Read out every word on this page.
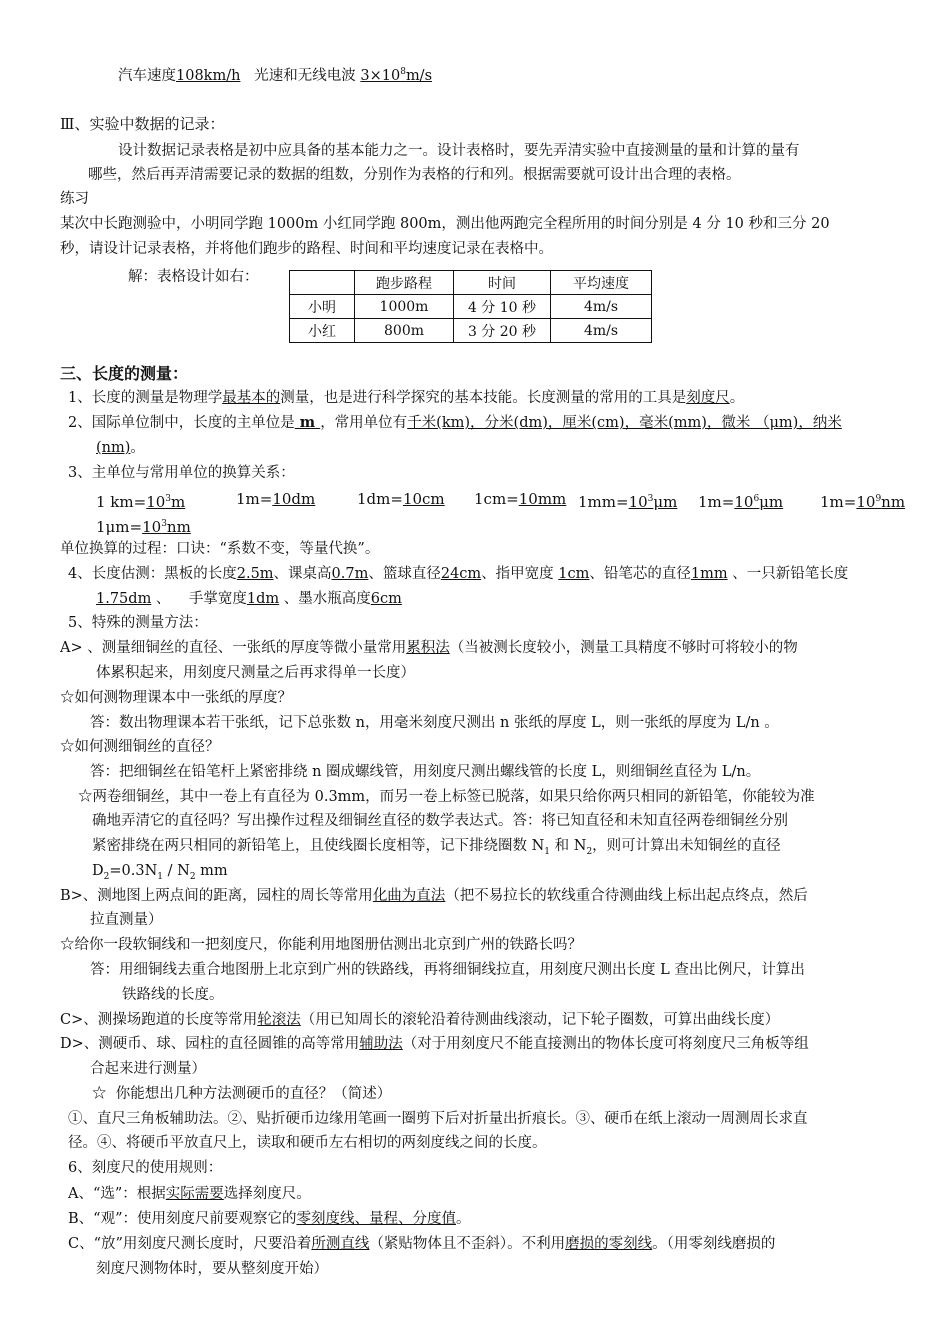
汽车速度108km/h 光速和无线电波 $3\times 10^8m/s$
Ⅲ、实验中数据的记录：
设计数据记录表格是初中应具备的基本能力之一。设计表格时，要先弄清实验中直接测量的量和计算的量有
哪些，然后再弄清需要记录的数据的组数，分别作为表格的行和列。根据需要就可设计出合理的表格。
练习
某次中长跑测验中，小明同学跑 1000m 小红同学跑 800m，测出他两跑完全程所用的时间分别是 4 分 10 秒和三分 20
秒，请设计记录表格，并将他们跑步的路程、时间和平均速度记录在表格中。
解：表格设计如右：
		跑步路程	时间	平均速度
小明	1000m	4 分 10 秒	4m/s
小红	800m	3 分 20 秒	4m/s
三、长度的测量：
1、长度的测量是物理学最基本的测量，也是进行科学探究的基本技能。长度测量的常用的工具是刻度尺。
2、国际单位制中，长度的主单位是 m ，常用单位有千米(km)，分米(dm)，厘米(cm)，毫米(mm)，微米 （μm)，纳米
(nm)。
3、主单位与常用单位的换算关系：
1 $km=10^3m$	1m=10dm	1dm=10cm 1cm=10mm $1mm=10^3\mu m$ $1m=10^6\mu m$ $1m=10^9nm$
$1\mu m=10^3nm$
单位换算的过程：口诀：“系数不变，等量代换”。
4、长度估测：黑板的长度2.5m、课桌高0.7m、篮球直径24cm、指甲宽度 1cm、铅笔芯的直径1mm 、一只新铅笔长度
1.75dm 、    手掌宽度1dm 、墨水瓶高度6cm
5、特殊的测量方法：
A> 、测量细铜丝的直径、一张纸的厚度等微小量常用累积法（当被测长度较小，测量工具精度不够时可将较小的物
体累积起来，用刻度尺测量之后再求得单一长度）
☆如何测物理课本中一张纸的厚度？
答：数出物理课本若干张纸，记下总张数 n，用毫米刻度尺测出 n 张纸的厚度 L，则一张纸的厚度为 L/n 。
☆如何测细铜丝的直径？
答：把细铜丝在铅笔杆上紧密排绕 n 圈成螺线管，用刻度尺测出螺线管的长度 L，则细铜丝直径为 L/n。
☆两卷细铜丝，其中一卷上有直径为 0.3mm，而另一卷上标签已脱落，如果只给你两只相同的新铅笔，你能较为准
确地弄清它的直径吗？写出操作过程及细铜丝直径的数学表达式。答：将已知直径和未知直径两卷细铜丝分别
紧密排绕在两只相同的新铅笔上，且使线圈长度相等，记下排绕圈数 $N_1$ 和 $N_2$，则可计算出未知铜丝的直径
$D_2=0.3N_1 / N_2$ mm
B>、测地图上两点间的距离，园柱的周长等常用化曲为直法（把不易拉长的软线重合待测曲线上标出起点终点，然后
拉直测量）
☆给你一段软铜线和一把刻度尺，你能利用地图册估测出北京到广州的铁路长吗？
答：用细铜线去重合地图册上北京到广州的铁路线，再将细铜线拉直，用刻度尺测出长度 L 查出比例尺，计算出
铁路线的长度。
C>、测操场跑道的长度等常用轮滚法（用已知周长的滚轮沿着待测曲线滚动，记下轮子圈数，可算出曲线长度）
D>、测硬币、球、园柱的直径圆锥的高等常用辅助法（对于用刻度尺不能直接测出的物体长度可将刻度尺三角板等组
合起来进行测量）
☆  你能想出几种方法测硬币的直径？（简述）
①、直尺三角板辅助法。②、贴折硬币边缘用笔画一圈剪下后对折量出折痕长。③、硬币在纸上滚动一周测周长求直
径。④、将硬币平放直尺上，读取和硬币左右相切的两刻度线之间的长度。
6、刻度尺的使用规则：
A、“选”：根据实际需要选择刻度尺。
B、“观”：使用刻度尺前要观察它的零刻度线、量程、分度值。
C、“放”用刻度尺测长度时，尺要沿着所测直线（紧贴物体且不歪斜）。不利用磨损的零刻线。（用零刻线磨损的
刻度尺测物体时，要从整刻度开始）
